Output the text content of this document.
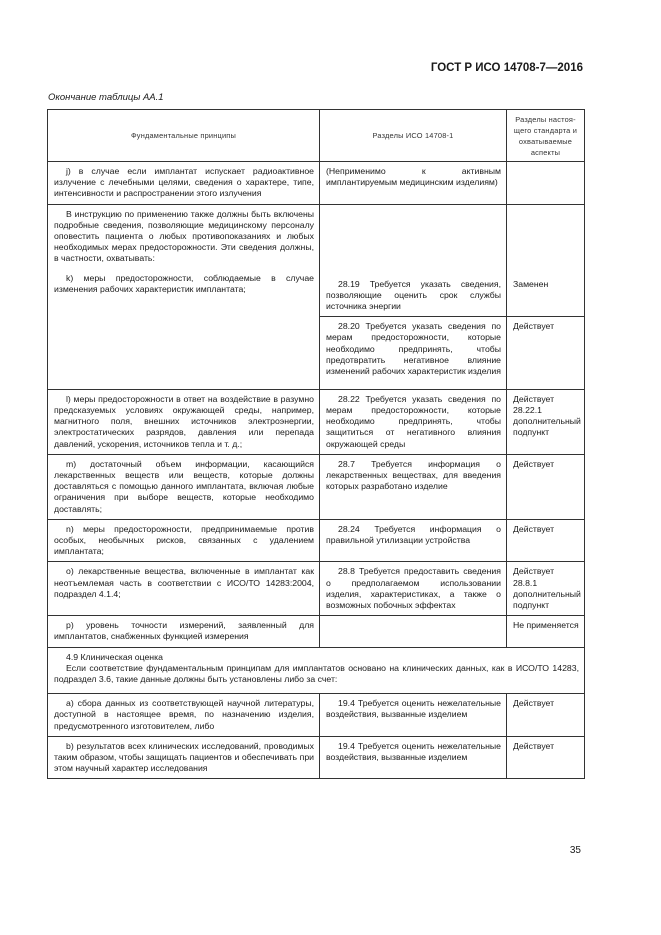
ГОСТ Р ИСО 14708-7—2016
Окончание таблицы АА.1
Фундаментальные принципы	Разделы ИСО 14708-1	Разделы настоя-щего стандарта и охватываемые аспекты
j) в случае если имплантат испускает радиоактивное излучение с лечебными целями, сведения о характере, типе, интенсивности и распространении этого излучения	(Неприменимо к активным имплантируемым медицинским изделиям)	

В инструкцию по применению также должны быть включены подробные сведения, позволяющие медицинскому персоналу оповестить пациента о любых противопоказаниях и любых необходимых мерах предосторожности. Эти сведения должны, в частности, охватывать:
k) меры предосторожности, соблюдаемые в случае изменения рабочих характеристик имплантата;	28.19 Требуется указать сведения, позволяющие оценить срок службы источника энергии	Заменен

	28.20 Требуется указать сведения по мерам предосторожности, которые необходимо предпринять, чтобы предотвратить негативное влияние изменений рабочих характеристик изделия	Действует
l) меры предосторожности в ответ на воздействие в разумно предсказуемых условиях окружающей среды, например, магнитного поля, внешних источников электроэнергии, электростатических разрядов, давления или перепада давлений, ускорения, источников тепла и т. д.;	28.22 Требуется указать сведения по мерам предосторожности, которые необходимо предпринять, чтобы защититься от негативного влияния окружающей среды	Действует 28.22.1 дополнительный подпункт
m) достаточный объем информации, касающийся лекарственных веществ или веществ, которые должны доставляться с помощью данного имплантата, включая любые ограничения при выборе веществ, которые необходимо доставлять;	28.7 Требуется информация о лекарственных веществах, для введения которых разработано изделие	Действует
n) меры предосторожности, предпринимаемые против особых, необычных рисков, связанных с удалением имплантата;	28.24 Требуется информация о правильной утилизации устройства	Действует
o) лекарственные вещества, включенные в имплантат как неотъемлемая часть в соответствии с ИСО/ТО 14283:2004, подраздел 4.1.4;	28.8 Требуется предоставить сведения о предполагаемом использовании изделия, характеристиках, а также о возможных побочных эффектах	Действует 28.8.1 дополнительный подпункт
p) уровень точности измерений, заявленный для имплантатов, снабженных функцией измерения		Не применяется

4.9 Клиническая оценка
Если соответствие фундаментальным принципам для имплантатов основано на клинических данных, как в ИСО/ТО 14283, подраздел 3.6, такие данные должны быть установлены либо за счет:		

a) сбора данных из соответствующей научной литературы, доступной в настоящее время, по назначению изделия, предусмотренного изготовителем, либо	19.4 Требуется оценить нежелательные воздействия, вызванные изделием	Действует
b) результатов всех клинических исследований, проводимых таким образом, чтобы защищать пациентов и обеспечивать при этом научный характер исследования	19.4 Требуется оценить нежелательные воздействия, вызванные изделием	Действует
35
